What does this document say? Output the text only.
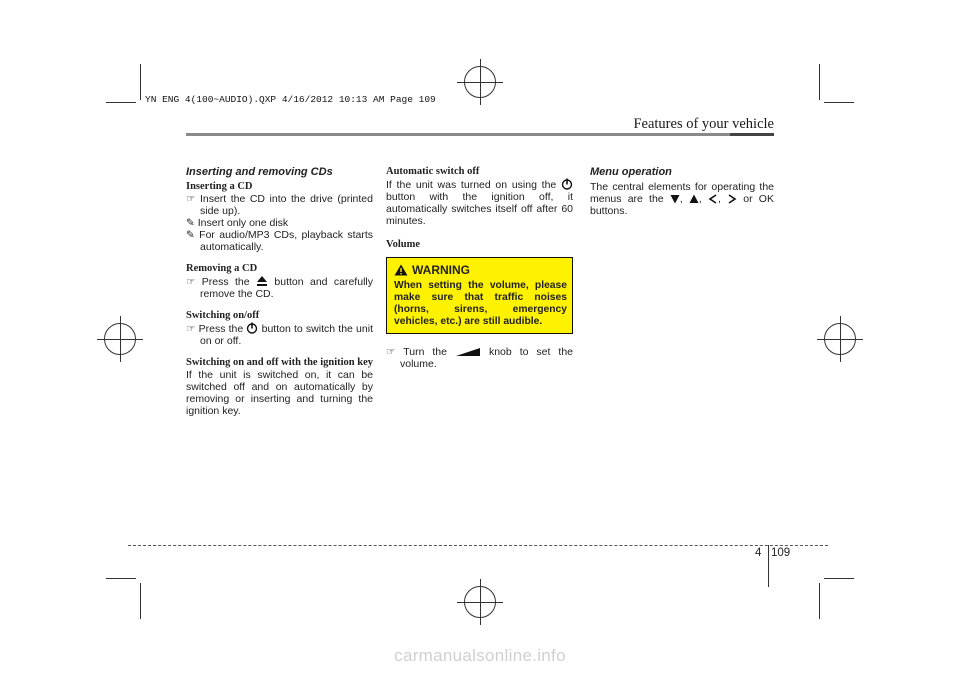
YN ENG 4(100~AUDIO).QXP 4/16/2012 10:13 AM Page 109
Features of your vehicle
Inserting and removing CDs
Inserting a CD

☞ Insert the CD into the drive (printed side up).

✎ Insert only one disk

✎ For audio/MP3 CDs, playback starts automatically.

Removing a CD

☞ Press the button and carefully remove the CD.

Switching on/off

☞ Press the button to switch the unit on or off.

Switching on and off with the ignition key

If the unit is switched on, it can be switched off and on automatically by removing or inserting and turning the ignition key.

Automatic switch off

If the unit was turned on using the  button with the ignition off, it automatically switches itself off after 60 minutes.

Volume
WARNING
When setting the volume, please make sure that traffic noises (horns, sirens, emergency vehicles, etc.) are still audible.

☞ Turn the	knob to set the volume.

Menu operation

The central elements for operating the menus are the , , ,  or OK buttons.

4 109
carmanualsonline.info
